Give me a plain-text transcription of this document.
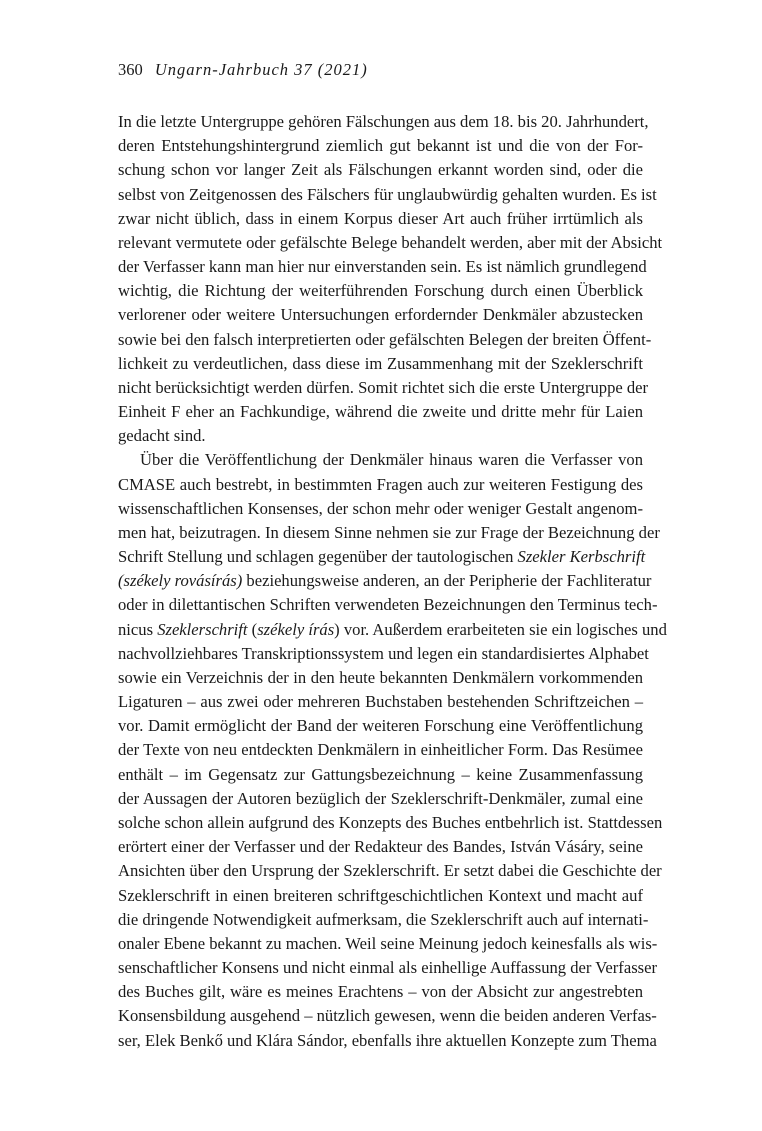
360 Ungarn-Jahrbuch 37 (2021)
In die letzte Untergruppe gehören Fälschungen aus dem 18. bis 20. Jahrhundert,
deren Entstehungshintergrund ziemlich gut bekannt ist und die von der For-
schung schon vor langer Zeit als Fälschungen erkannt worden sind, oder die
selbst von Zeitgenossen des Fälschers für unglaubwürdig gehalten wurden. Es ist
zwar nicht üblich, dass in einem Korpus dieser Art auch früher irrtümlich als
relevant vermutete oder gefälschte Belege behandelt werden, aber mit der Absicht
der Verfasser kann man hier nur einverstanden sein. Es ist nämlich grundlegend
wichtig, die Richtung der weiterführenden Forschung durch einen Überblick
verlorener oder weitere Untersuchungen erfordernder Denkmäler abzustecken
sowie bei den falsch interpretierten oder gefälschten Belegen der breiten Öffent-
lichkeit zu verdeutlichen, dass diese im Zusammenhang mit der Szeklerschrift
nicht berücksichtigt werden dürfen. Somit richtet sich die erste Untergruppe der
Einheit F eher an Fachkundige, während die zweite und dritte mehr für Laien
gedacht sind.
Über die Veröffentlichung der Denkmäler hinaus waren die Verfasser von
CMASE auch bestrebt, in bestimmten Fragen auch zur weiteren Festigung des
wissenschaftlichen Konsenses, der schon mehr oder weniger Gestalt angenom-
men hat, beizutragen. In diesem Sinne nehmen sie zur Frage der Bezeichnung der
Schrift Stellung und schlagen gegenüber der tautologischen Szekler Kerbschrift
(székely rovásírás) beziehungsweise anderen, an der Peripherie der Fachliteratur
oder in dilettantischen Schriften verwendeten Bezeichnungen den Terminus tech-
nicus Szeklerschrift (székely írás) vor. Außerdem erarbeiteten sie ein logisches und
nachvollziehbares Transkriptionssystem und legen ein standardisiertes Alphabet
sowie ein Verzeichnis der in den heute bekannten Denkmälern vorkommenden
Ligaturen – aus zwei oder mehreren Buchstaben bestehenden Schriftzeichen –
vor. Damit ermöglicht der Band der weiteren Forschung eine Veröffentlichung
der Texte von neu entdeckten Denkmälern in einheitlicher Form. Das Resümee
enthält – im Gegensatz zur Gattungsbezeichnung – keine Zusammenfassung
der Aussagen der Autoren bezüglich der Szeklerschrift-Denkmäler, zumal eine
solche schon allein aufgrund des Konzepts des Buches entbehrlich ist. Stattdessen
erörtert einer der Verfasser und der Redakteur des Bandes, István Vásáry, seine
Ansichten über den Ursprung der Szeklerschrift. Er setzt dabei die Geschichte der
Szeklerschrift in einen breiteren schriftgeschichtlichen Kontext und macht auf
die dringende Notwendigkeit aufmerksam, die Szeklerschrift auch auf internati-
onaler Ebene bekannt zu machen. Weil seine Meinung jedoch keinesfalls als wis-
senschaftlicher Konsens und nicht einmal als einhellige Auffassung der Verfasser
des Buches gilt, wäre es meines Erachtens – von der Absicht zur angestrebten
Konsensbildung ausgehend – nützlich gewesen, wenn die beiden anderen Verfas-
ser, Elek Benkő und Klára Sándor, ebenfalls ihre aktuellen Konzepte zum Thema
